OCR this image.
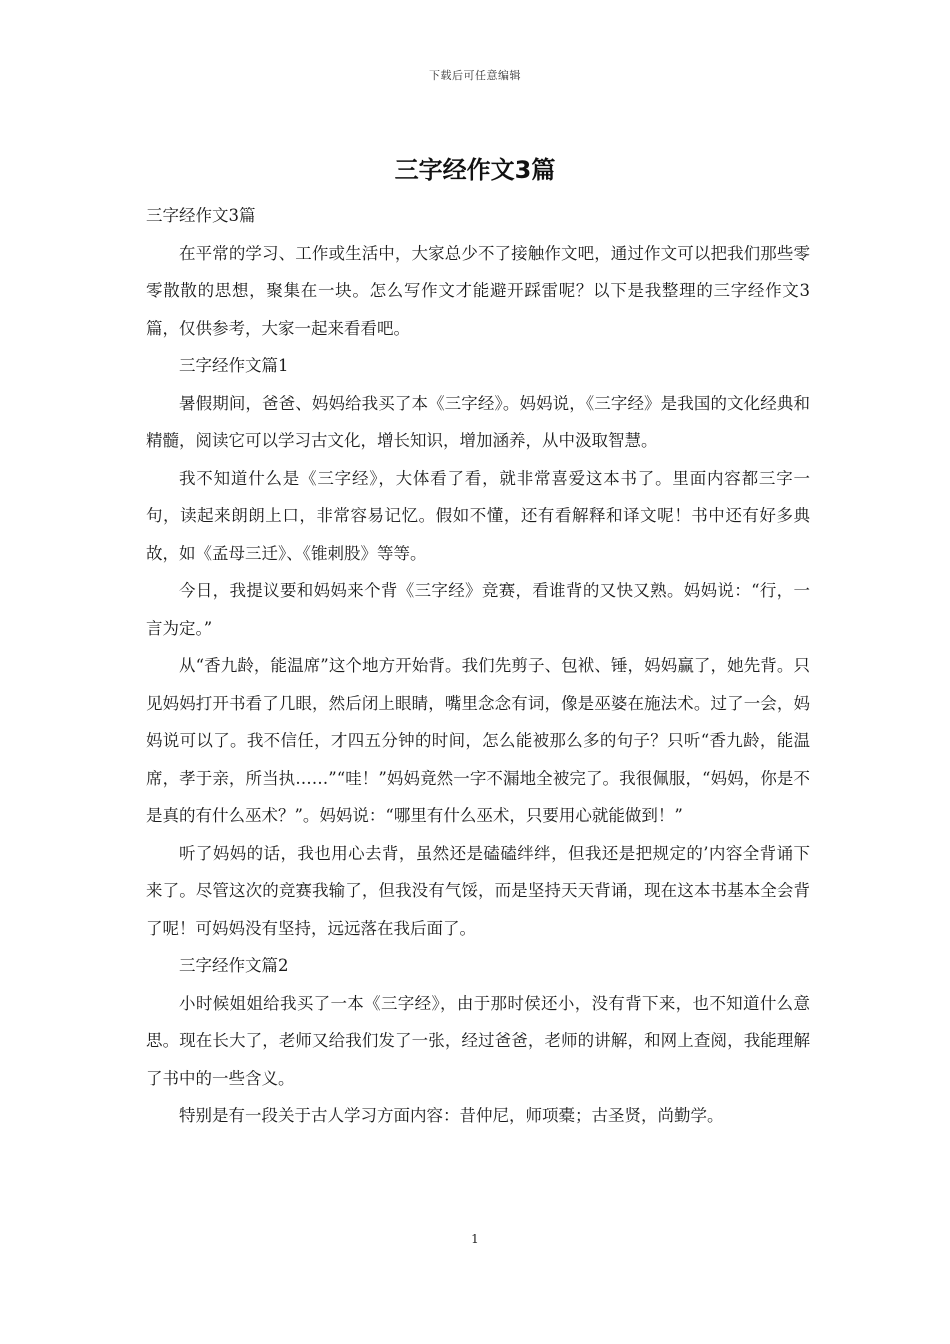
下载后可任意编辑
三字经作文3篇

三字经作文3篇

在平常的学习、工作或生活中，大家总少不了接触作文吧，通过作文可以把我们那些零零散散的思想，聚集在一块。怎么写作文才能避开踩雷呢？以下是我整理的三字经作文3篇，仅供参考，大家一起来看看吧。

三字经作文篇1

暑假期间，爸爸、妈妈给我买了本《三字经》。妈妈说，《三字经》是我国的文化经典和精髓，阅读它可以学习古文化，增长知识，增加涵养，从中汲取智慧。

我不知道什么是《三字经》，大体看了看，就非常喜爱这本书了。里面内容都三字一句，读起来朗朗上口，非常容易记忆。假如不懂，还有看解释和译文呢！书中还有好多典故，如《孟母三迁》、《锥刺股》等等。

今日，我提议要和妈妈来个背《三字经》竞赛，看谁背的又快又熟。妈妈说：“行，一言为定。”

从“香九龄，能温席”这个地方开始背。我们先剪子、包袱、锤，妈妈赢了，她先背。只见妈妈打开书看了几眼，然后闭上眼睛，嘴里念念有词，像是巫婆在施法术。过了一会，妈妈说可以了。我不信任，才四五分钟的时间，怎么能被那么多的句子？只听“香九龄，能温席，孝于亲，所当执……”“哇！”妈妈竟然一字不漏地全被完了。我很佩服，“妈妈，你是不是真的有什么巫术？”。妈妈说：“哪里有什么巫术，只要用心就能做到！”

听了妈妈的话，我也用心去背，虽然还是磕磕绊绊，但我还是把规定的’内容全背诵下来了。尽管这次的竞赛我输了，但我没有气馁，而是坚持天天背诵，现在这本书基本全会背了呢！可妈妈没有坚持，远远落在我后面了。

三字经作文篇2

小时候姐姐给我买了一本《三字经》，由于那时侯还小，没有背下来，也不知道什么意思。现在长大了，老师又给我们发了一张，经过爸爸，老师的讲解，和网上查阅，我能理解了书中的一些含义。

特别是有一段关于古人学习方面内容：昔仲尼，师项橐；古圣贤，尚勤学。

1
